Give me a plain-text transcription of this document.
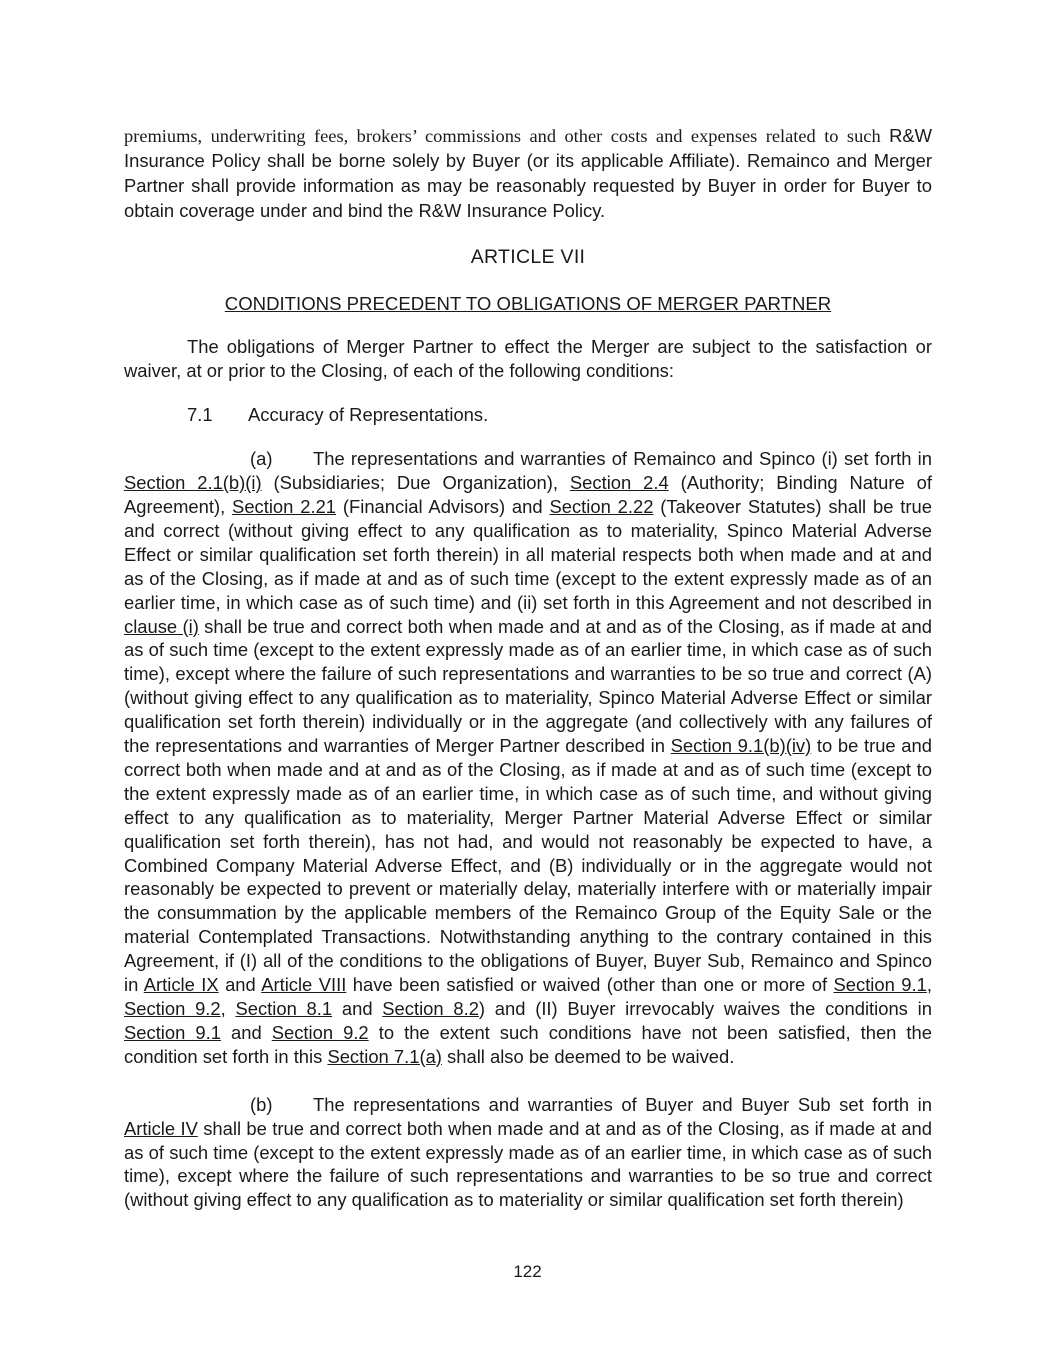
premiums, underwriting fees, brokers’ commissions and other costs and expenses related to such R&W Insurance Policy shall be borne solely by Buyer (or its applicable Affiliate). Remainco and Merger Partner shall provide information as may be reasonably requested by Buyer in order for Buyer to obtain coverage under and bind the R&W Insurance Policy.

ARTICLE VII

CONDITIONS PRECEDENT TO OBLIGATIONS OF MERGER PARTNER

The obligations of Merger Partner to effect the Merger are subject to the satisfaction or waiver, at or prior to the Closing, of each of the following conditions:

7.1 Accuracy of Representations.

(a) The representations and warranties of Remainco and Spinco (i) set forth in Section 2.1(b)(i) (Subsidiaries; Due Organization), Section 2.4 (Authority; Binding Nature of Agreement), Section 2.21 (Financial Advisors) and Section 2.22 (Takeover Statutes) shall be true and correct (without giving effect to any qualification as to materiality, Spinco Material Adverse Effect or similar qualification set forth therein) in all material respects both when made and at and as of the Closing, as if made at and as of such time (except to the extent expressly made as of an earlier time, in which case as of such time) and (ii) set forth in this Agreement and not described in clause (i) shall be true and correct both when made and at and as of the Closing, as if made at and as of such time (except to the extent expressly made as of an earlier time, in which case as of such time), except where the failure of such representations and warranties to be so true and correct (A) (without giving effect to any qualification as to materiality, Spinco Material Adverse Effect or similar qualification set forth therein) individually or in the aggregate (and collectively with any failures of the representations and warranties of Merger Partner described in Section 9.1(b)(iv) to be true and correct both when made and at and as of the Closing, as if made at and as of such time (except to the extent expressly made as of an earlier time, in which case as of such time, and without giving effect to any qualification as to materiality, Merger Partner Material Adverse Effect or similar qualification set forth therein), has not had, and would not reasonably be expected to have, a Combined Company Material Adverse Effect, and (B) individually or in the aggregate would not reasonably be expected to prevent or materially delay, materially interfere with or materially impair the consummation by the applicable members of the Remainco Group of the Equity Sale or the material Contemplated Transactions. Notwithstanding anything to the contrary contained in this Agreement, if (I) all of the conditions to the obligations of Buyer, Buyer Sub, Remainco and Spinco in Article IX and Article VIII have been satisfied or waived (other than one or more of Section 9.1, Section 9.2, Section 8.1 and Section 8.2) and (II) Buyer irrevocably waives the conditions in Section 9.1 and Section 9.2 to the extent such conditions have not been satisfied, then the condition set forth in this Section 7.1(a) shall also be deemed to be waived.

(b) The representations and warranties of Buyer and Buyer Sub set forth in Article IV shall be true and correct both when made and at and as of the Closing, as if made at and as of such time (except to the extent expressly made as of an earlier time, in which case as of such time), except where the failure of such representations and warranties to be so true and correct (without giving effect to any qualification as to materiality or similar qualification set forth therein)

122
